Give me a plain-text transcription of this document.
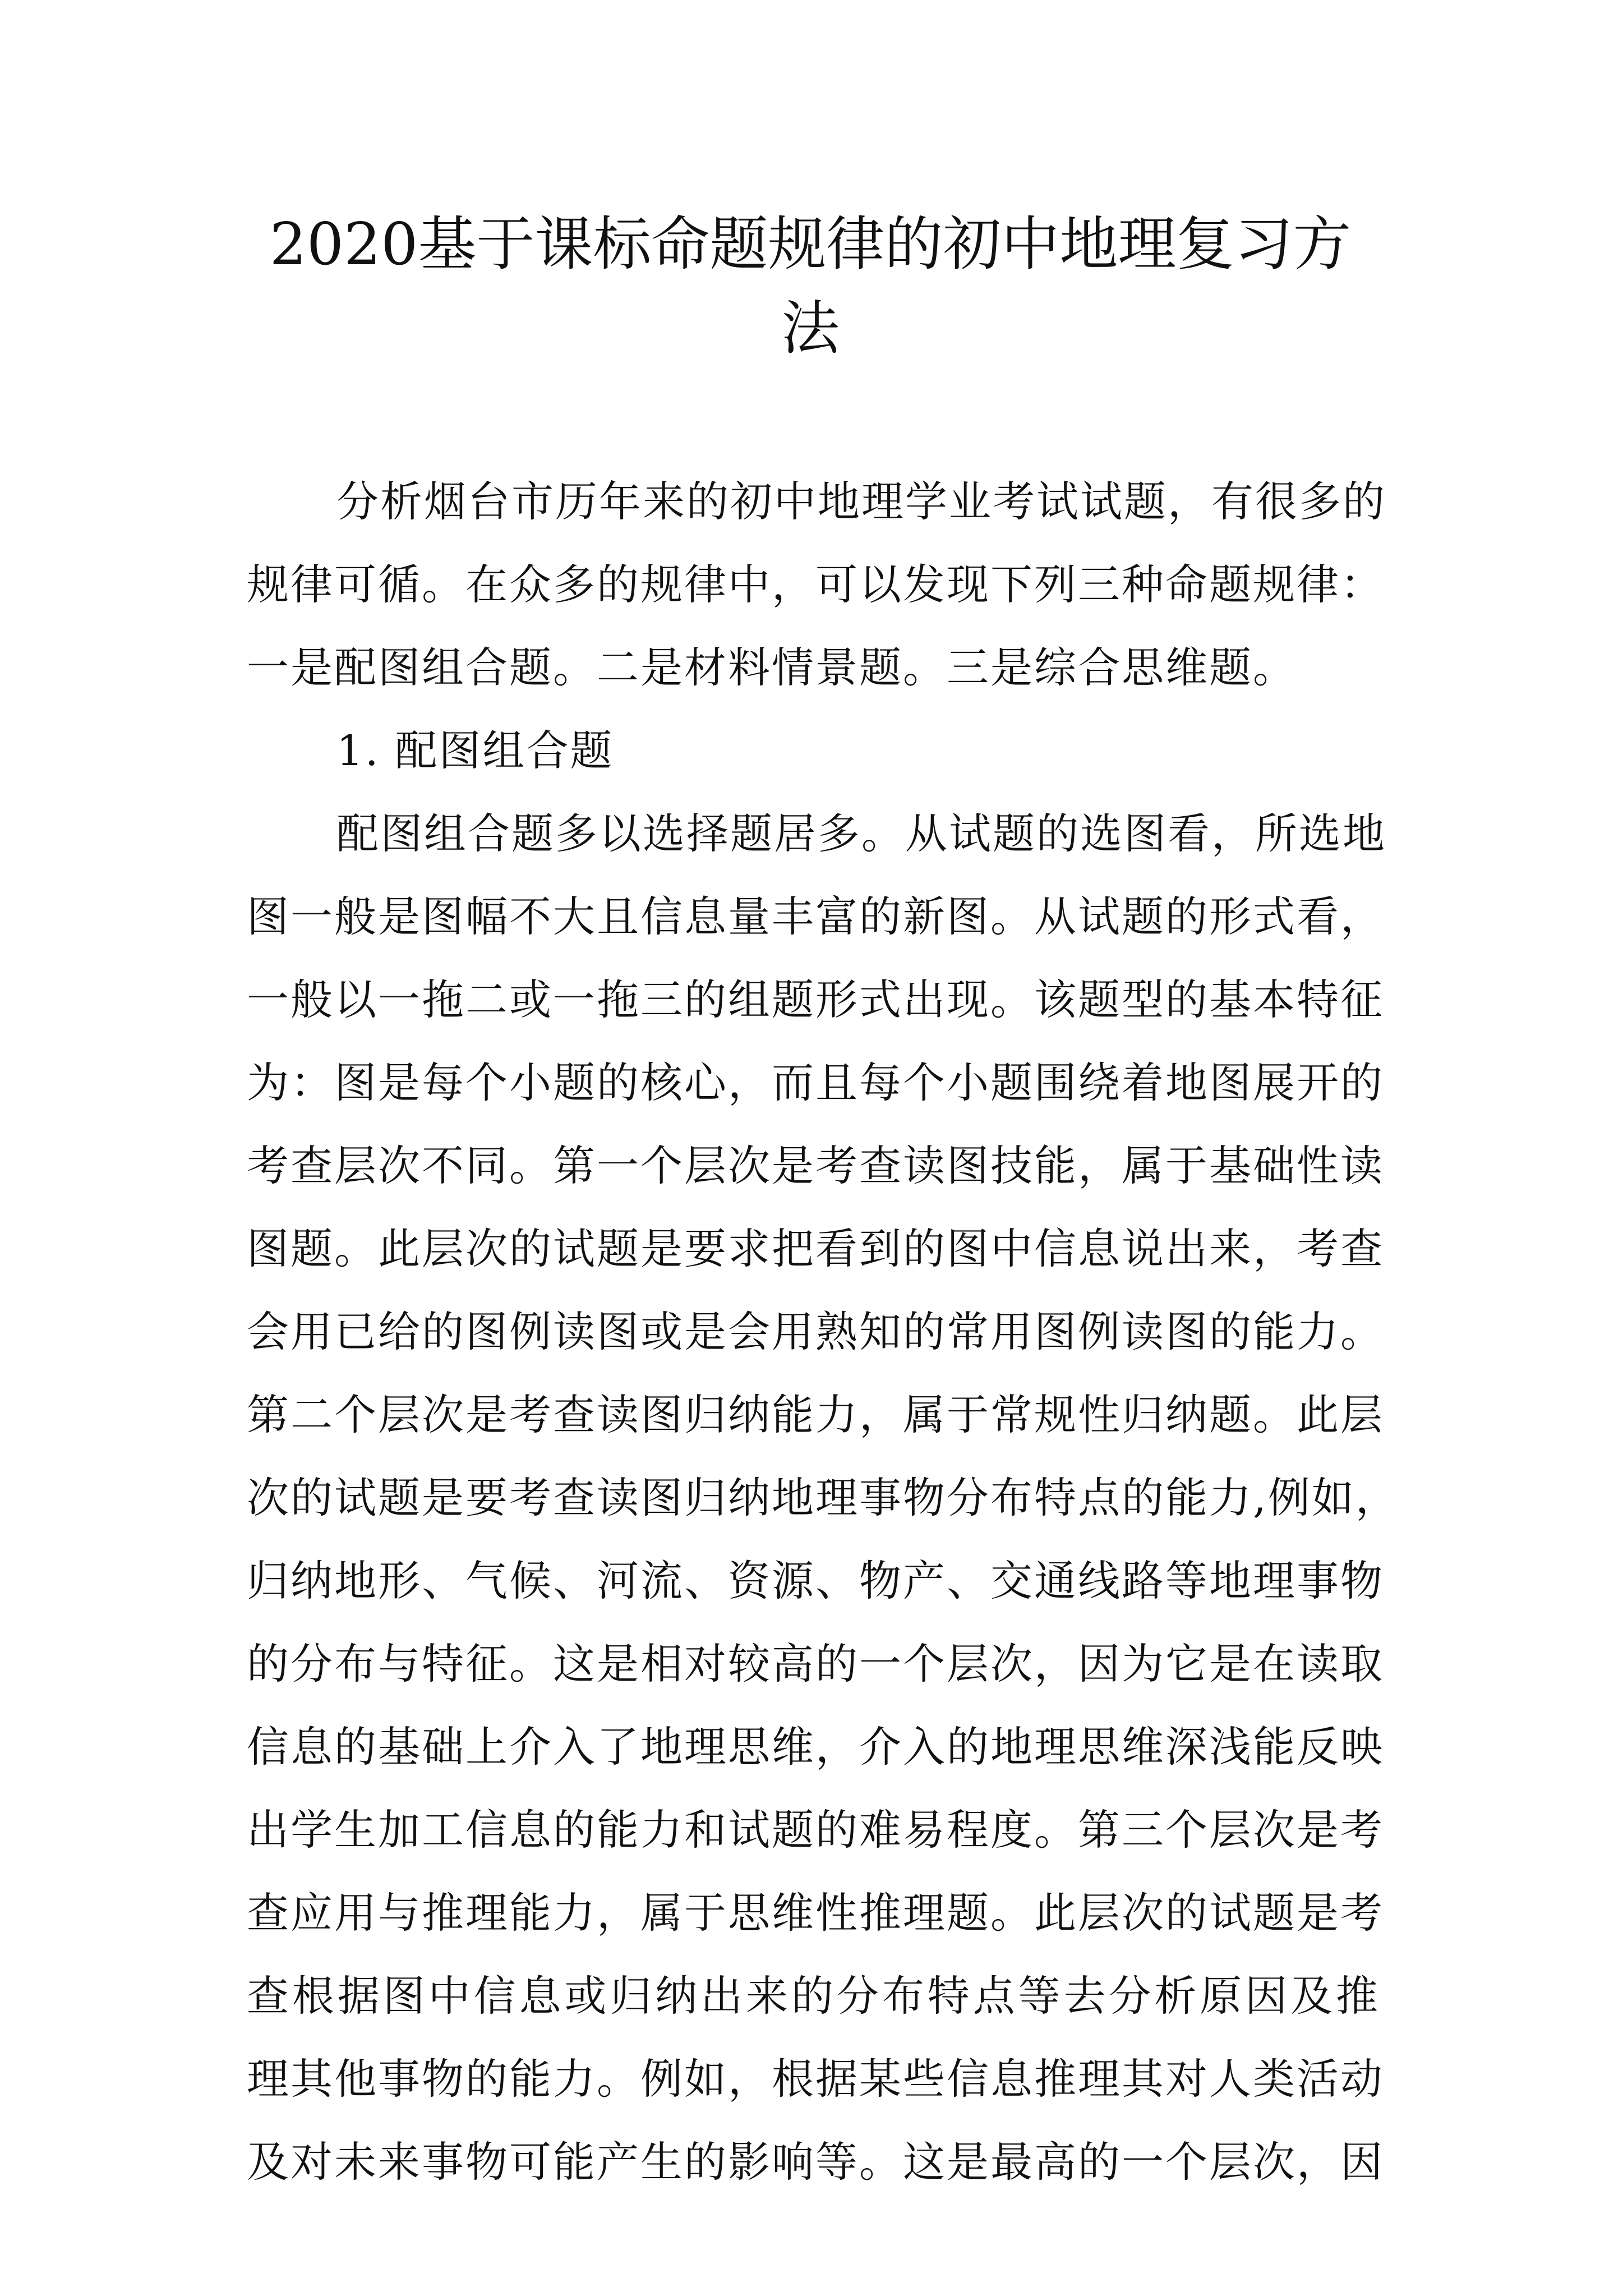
2020基于课标命题规律的初中地理复习方
法
分析烟台市历年来的初中地理学业考试试题，有很多的
规律可循。在众多的规律中，可以发现下列三种命题规律：
一是配图组合题。二是材料情景题。三是综合思维题。
1. 配图组合题
配图组合题多以选择题居多。从试题的选图看，所选地
图一般是图幅不大且信息量丰富的新图。从试题的形式看，
一般以一拖二或一拖三的组题形式出现。该题型的基本特征
为：图是每个小题的核心，而且每个小题围绕着地图展开的
考查层次不同。第一个层次是考查读图技能，属于基础性读
图题。此层次的试题是要求把看到的图中信息说出来，考查
会用已给的图例读图或是会用熟知的常用图例读图的能力。
第二个层次是考查读图归纳能力，属于常规性归纳题。此层
次的试题是要考查读图归纳地理事物分布特点的能力,例如，
归纳地形、气候、河流、资源、物产、交通线路等地理事物
的分布与特征。这是相对较高的一个层次，因为它是在读取
信息的基础上介入了地理思维，介入的地理思维深浅能反映
出学生加工信息的能力和试题的难易程度。第三个层次是考
查应用与推理能力，属于思维性推理题。此层次的试题是考
查根据图中信息或归纳出来的分布特点等去分析原因及推
理其他事物的能力。例如，根据某些信息推理其对人类活动
及对未来事物可能产生的影响等。这是最高的一个层次，因
